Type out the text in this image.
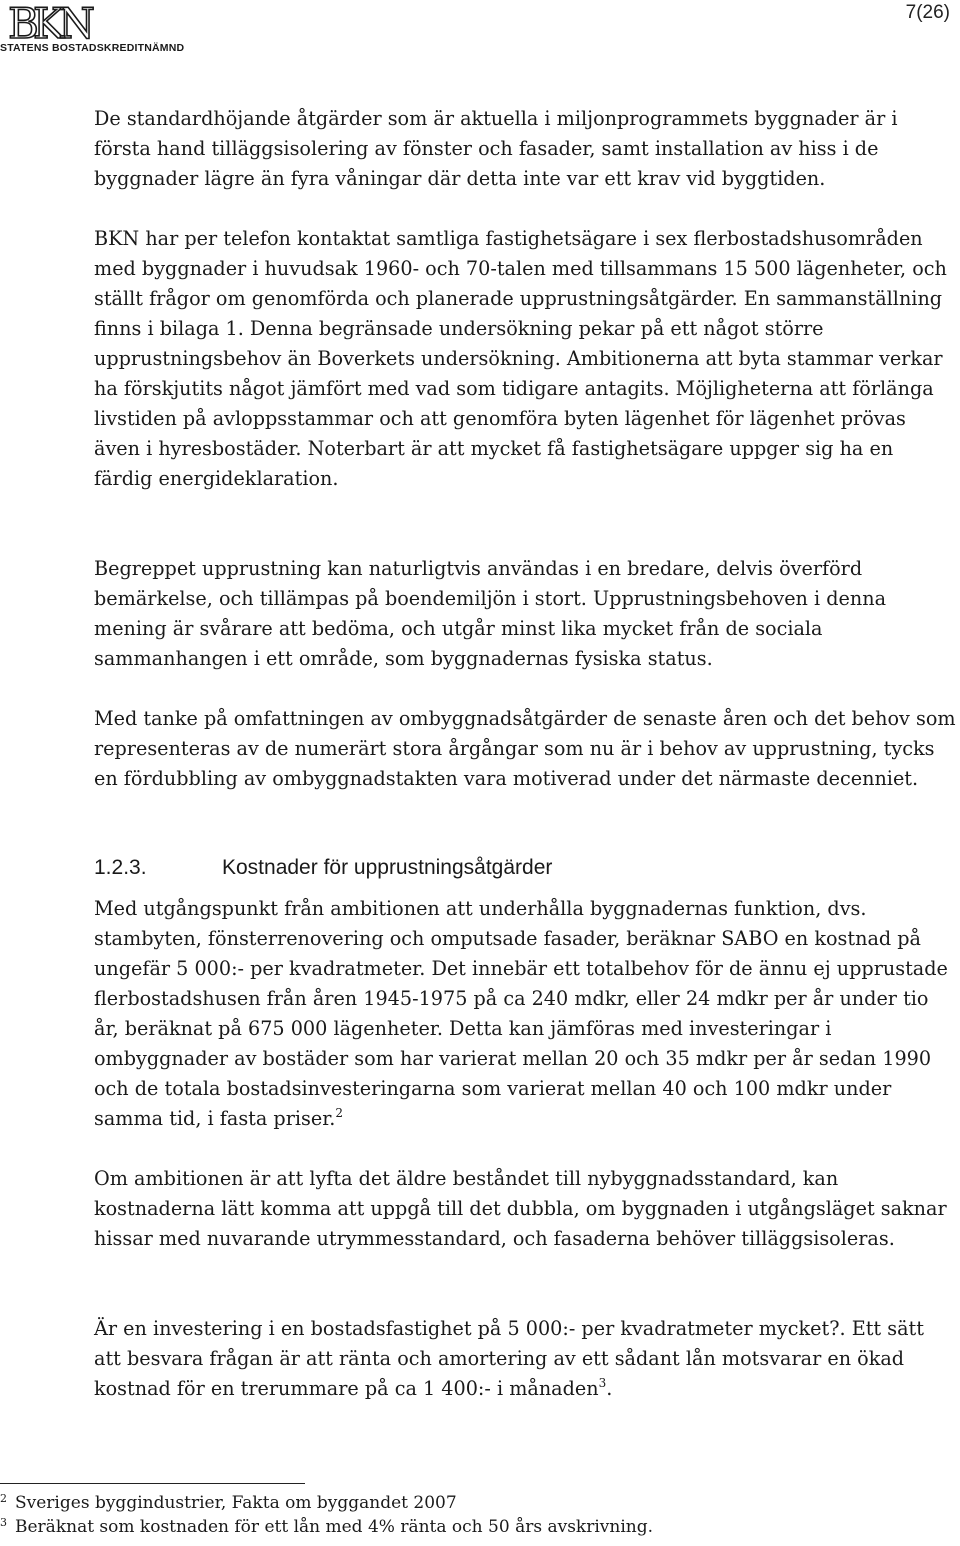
BKN
STATENS BOSTADSKREDITNÄMND
7(26)

De standardhöjande åtgärder som är aktuella i miljonprogrammets byggnader är i första hand tilläggsisolering av fönster och fasader, samt installation av hiss i de byggnader lägre än fyra våningar där detta inte var ett krav vid byggtiden.

BKN har per telefon kontaktat samtliga fastighetsägare i sex flerbostadshusområden med byggnader i huvudsak 1960- och 70-talen med tillsammans 15 500 lägenheter, och ställt frågor om genomförda och planerade upprustningsåtgärder. En sammanställning finns i bilaga 1. Denna begränsade undersökning pekar på ett något större upprustningsbehov än Boverkets undersökning. Ambitionerna att byta stammar verkar ha förskjutits något jämfört med vad som tidigare antagits. Möjligheterna att förlänga livstiden på avloppsstammar och att genomföra byten lägenhet för lägenhet prövas även i hyresbostäder. Noterbart är att mycket få fastighetsägare uppger sig ha en färdig energideklaration.

Begreppet upprustning kan naturligtvis användas i en bredare, delvis överförd bemärkelse, och tillämpas på boendemiljön i stort. Upprustningsbehoven i denna mening är svårare att bedöma, och utgår minst lika mycket från de sociala sammanhangen i ett område, som byggnadernas fysiska status.

Med tanke på omfattningen av ombyggnadsåtgärder de senaste åren och det behov som representeras av de numerärt stora årgångar som nu är i behov av upprustning, tycks en fördubbling av ombyggnadstakten vara motiverad under det närmaste decenniet.

1.2.3.	Kostnader för upprustningsåtgärder

Med utgångspunkt från ambitionen att underhålla byggnadernas funktion, dvs. stambyten, fönsterrenovering och omputsade fasader, beräknar SABO en kostnad på ungefär 5 000:- per kvadratmeter. Det innebär ett totalbehov för de ännu ej upprustade flerbostadshusen från åren 1945-1975 på ca 240 mdkr, eller 24 mdkr per år under tio år, beräknat på 675 000 lägenheter. Detta kan jämföras med investeringar i ombyggnader av bostäder som har varierat mellan 20 och 35 mdkr per år sedan 1990 och de totala bostadsinvesteringarna som varierat mellan 40 och 100 mdkr under samma tid, i fasta priser.$^2$

Om ambitionen är att lyfta det äldre beståndet till nybyggnadsstandard, kan kostnaderna lätt komma att uppgå till det dubbla, om byggnaden i utgångsläget saknar hissar med nuvarande utrymmesstandard, och fasaderna behöver tilläggsisoleras.

Är en investering i en bostadsfastighet på 5 000:- per kvadratmeter mycket?. Ett sätt att besvara frågan är att ränta och amortering av ett sådant lån motsvarar en ökad kostnad för en trerummare på ca 1 400:- i månaden$^3$.

$^2$ Sveriges byggindustrier, Fakta om byggandet 2007
$^3$ Beräknat som kostnaden för ett lån med 4% ränta och 50 års avskrivning.
